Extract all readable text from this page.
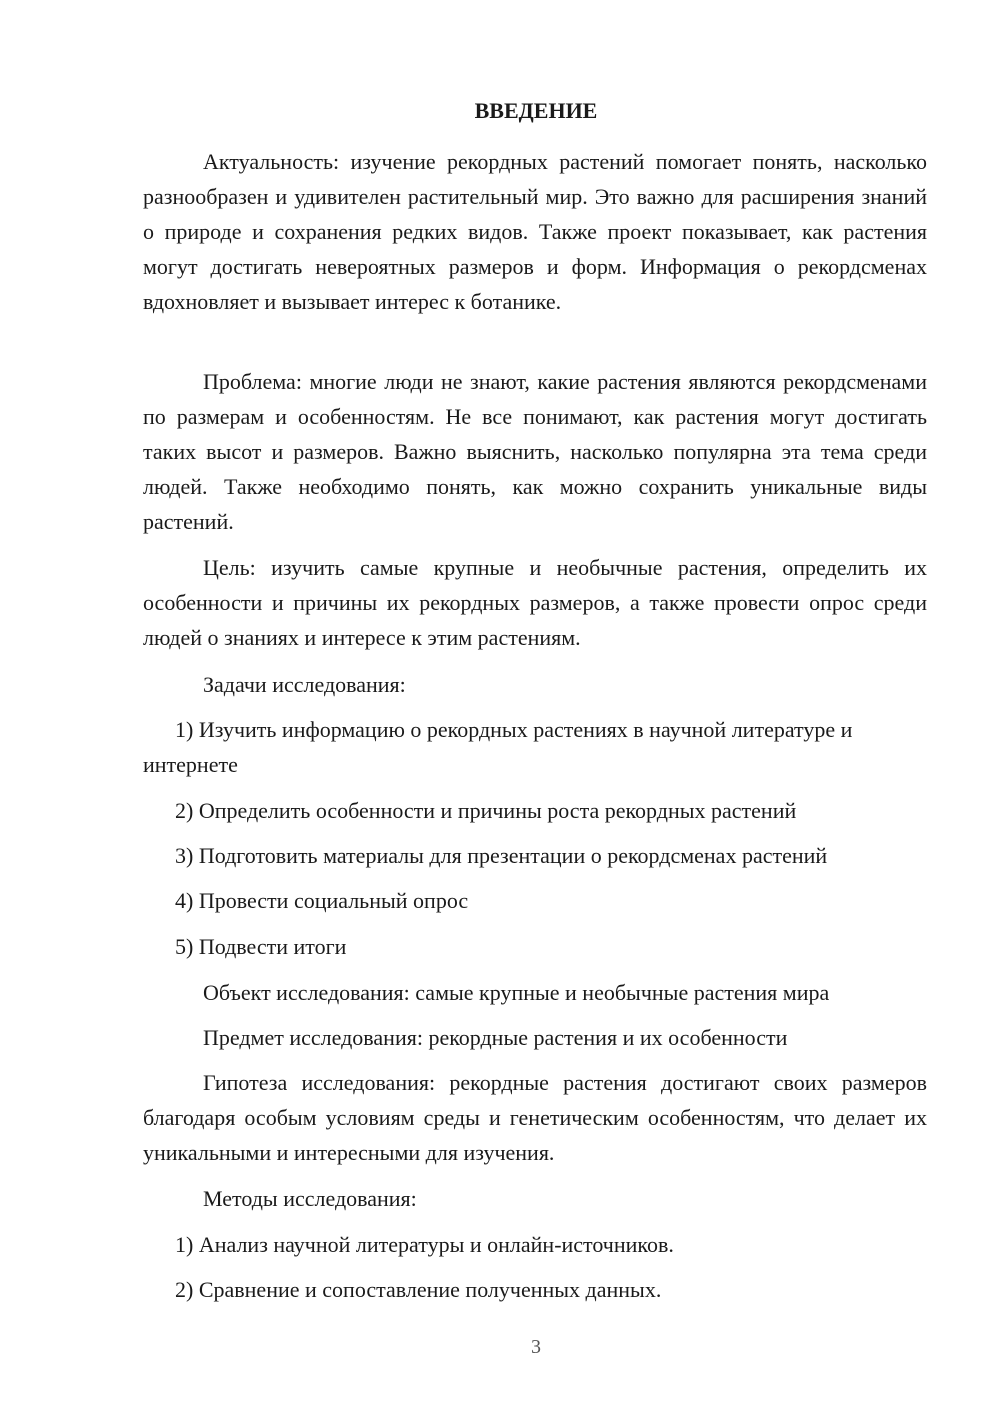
ВВЕДЕНИЕ

Актуальность: изучение рекордных растений помогает понять, насколько разнообразен и удивителен растительный мир. Это важно для расширения знаний о природе и сохранения редких видов. Также проект показывает, как растения могут достигать невероятных размеров и форм. Информация о рекордсменах вдохновляет и вызывает интерес к ботанике.

Проблема: многие люди не знают, какие растения являются рекордсменами по размерам и особенностям. Не все понимают, как растения могут достигать таких высот и размеров. Важно выяснить, насколько популярна эта тема среди людей. Также необходимо понять, как можно сохранить уникальные виды растений.

Цель: изучить самые крупные и необычные растения, определить их особенности и причины их рекордных размеров, а также провести опрос среди людей о знаниях и интересе к этим растениям.

Задачи исследования:

1) Изучить информацию о рекордных растениях в научной литературе и интернете

2) Определить особенности и причины роста рекордных растений

3) Подготовить материалы для презентации о рекордсменах растений

4) Провести социальный опрос

5) Подвести итоги

Объект исследования: самые крупные и необычные растения мира

Предмет исследования: рекордные растения и их особенности

Гипотеза исследования: рекордные растения достигают своих размеров благодаря особым условиям среды и генетическим особенностям, что делает их уникальными и интересными для изучения.

Методы исследования:

1) Анализ научной литературы и онлайн-источников.

2) Сравнение и сопоставление полученных данных.

3
